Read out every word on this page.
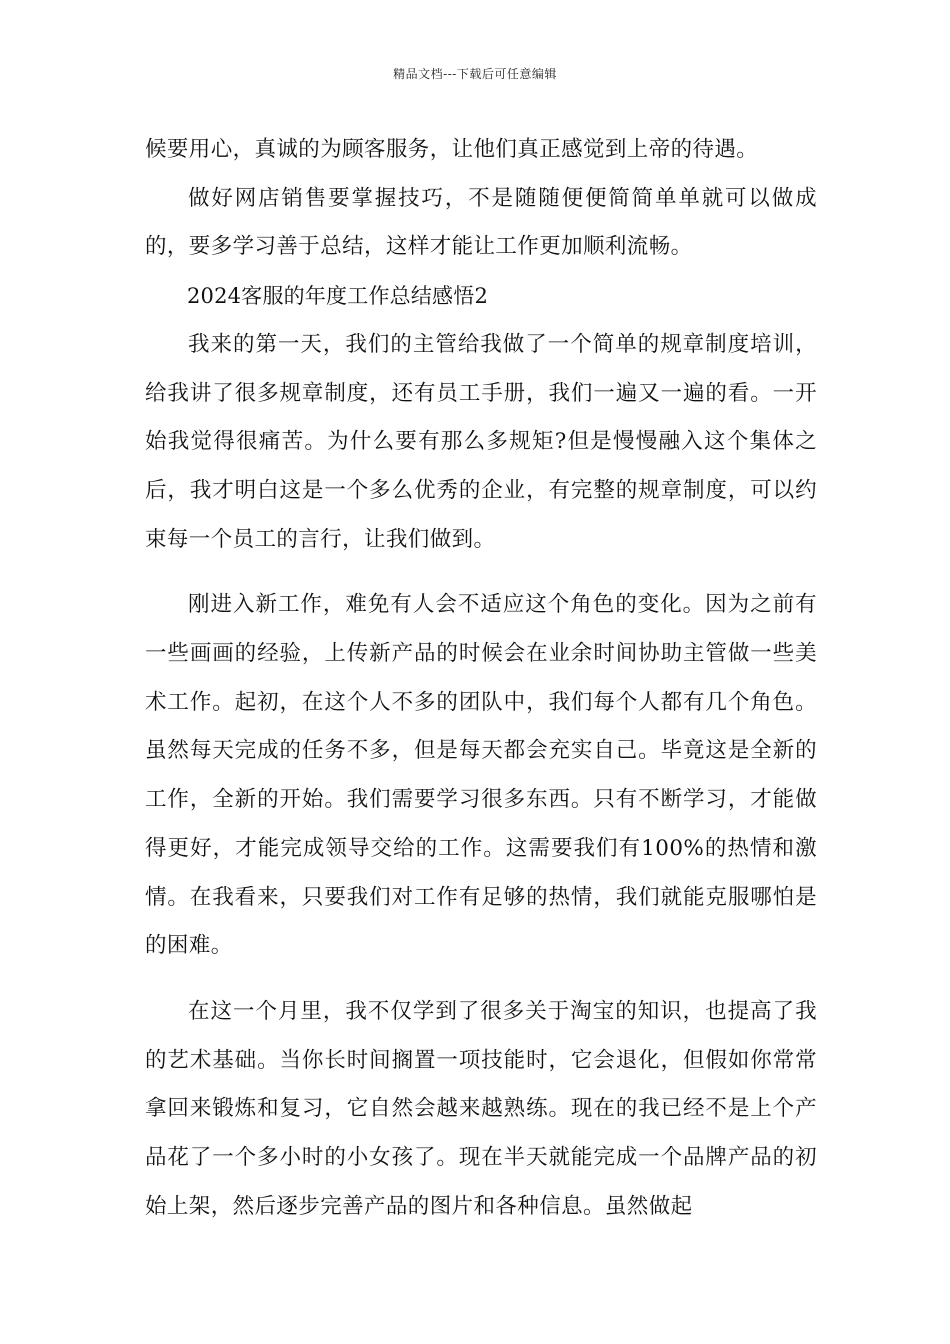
精品文档---下载后可任意编辑

候要用心，真诚的为顾客服务，让他们真正感觉到上帝的待遇。

做好网店销售要掌握技巧，不是随随便便简简单单就可以做成的，要多学习善于总结，这样才能让工作更加顺利流畅。

2024客服的年度工作总结感悟2

我来的第一天，我们的主管给我做了一个简单的规章制度培训，给我讲了很多规章制度，还有员工手册，我们一遍又一遍的看。一开始我觉得很痛苦。为什么要有那么多规矩?但是慢慢融入这个集体之后，我才明白这是一个多么优秀的企业，有完整的规章制度，可以约束每一个员工的言行，让我们做到。

刚进入新工作，难免有人会不适应这个角色的变化。因为之前有一些画画的经验，上传新产品的时候会在业余时间协助主管做一些美术工作。起初，在这个人不多的团队中，我们每个人都有几个角色。虽然每天完成的任务不多，但是每天都会充实自己。毕竟这是全新的工作，全新的开始。我们需要学习很多东西。只有不断学习，才能做得更好，才能完成领导交给的工作。这需要我们有100%的热情和激情。在我看来，只要我们对工作有足够的热情，我们就能克服哪怕是的困难。

在这一个月里，我不仅学到了很多关于淘宝的知识，也提高了我的艺术基础。当你长时间搁置一项技能时，它会退化，但假如你常常拿回来锻炼和复习，它自然会越来越熟练。现在的我已经不是上个产品花了一个多小时的小女孩了。现在半天就能完成一个品牌产品的初始上架，然后逐步完善产品的图片和各种信息。虽然做起
